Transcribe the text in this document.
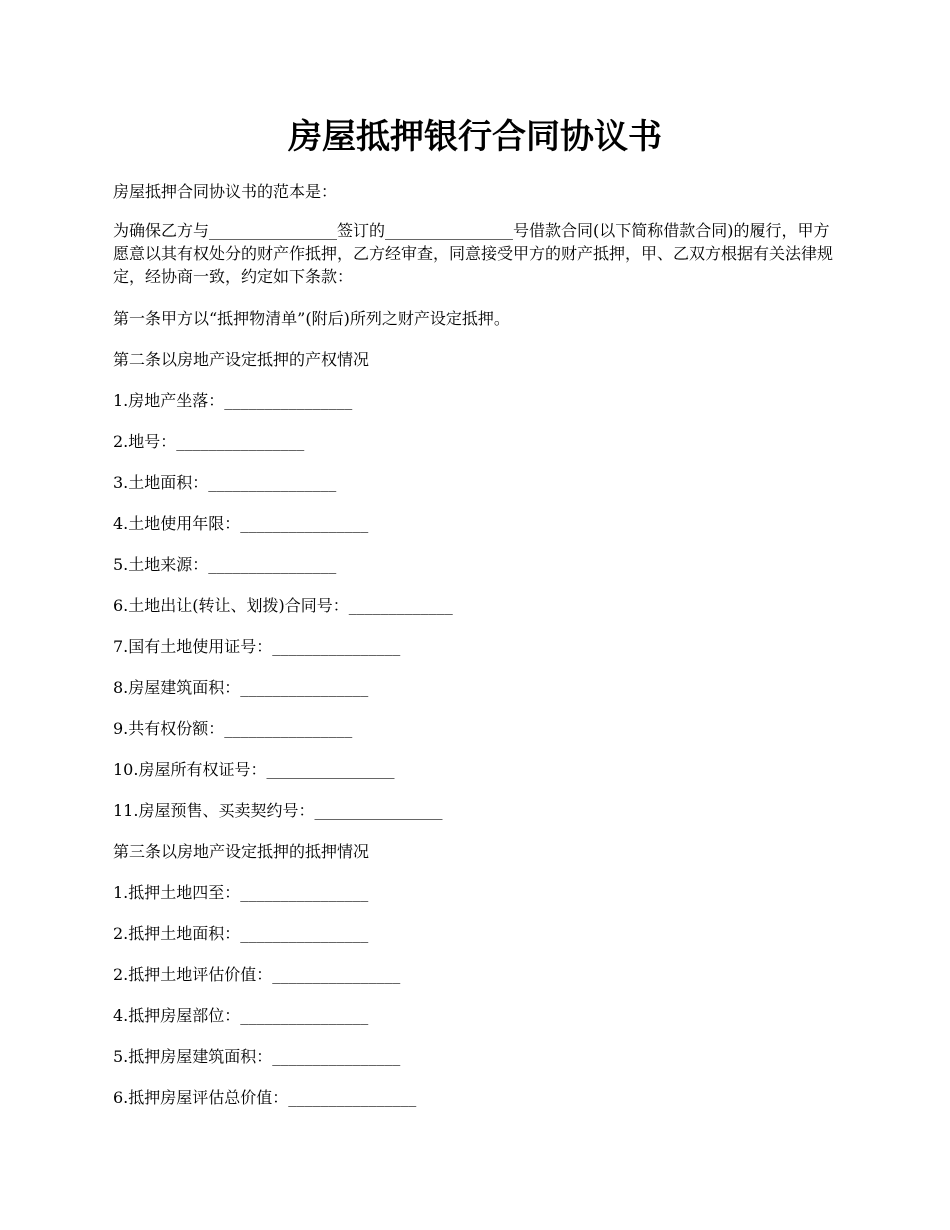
房屋抵押银行合同协议书

房屋抵押合同协议书的范本是：

为确保乙方与________________签订的________________号借款合同(以下简称借款合同)的履行，甲方愿意以其有权处分的财产作抵押，乙方经审查，同意接受甲方的财产抵押，甲、乙双方根据有关法律规定，经协商一致，约定如下条款：

第一条甲方以“抵押物清单”(附后)所列之财产设定抵押。

第二条以房地产设定抵押的产权情况

1.房地产坐落：________________

2.地号：________________

3.土地面积：________________

4.土地使用年限：________________

5.土地来源：________________

6.土地出让(转让、划拨)合同号：_____________

7.国有土地使用证号：________________

8.房屋建筑面积：________________

9.共有权份额：________________

10.房屋所有权证号：________________

11.房屋预售、买卖契约号：________________

第三条以房地产设定抵押的抵押情况

1.抵押土地四至：________________

2.抵押土地面积：________________

2.抵押土地评估价值：________________

4.抵押房屋部位：________________

5.抵押房屋建筑面积：________________

6.抵押房屋评估总价值：________________
